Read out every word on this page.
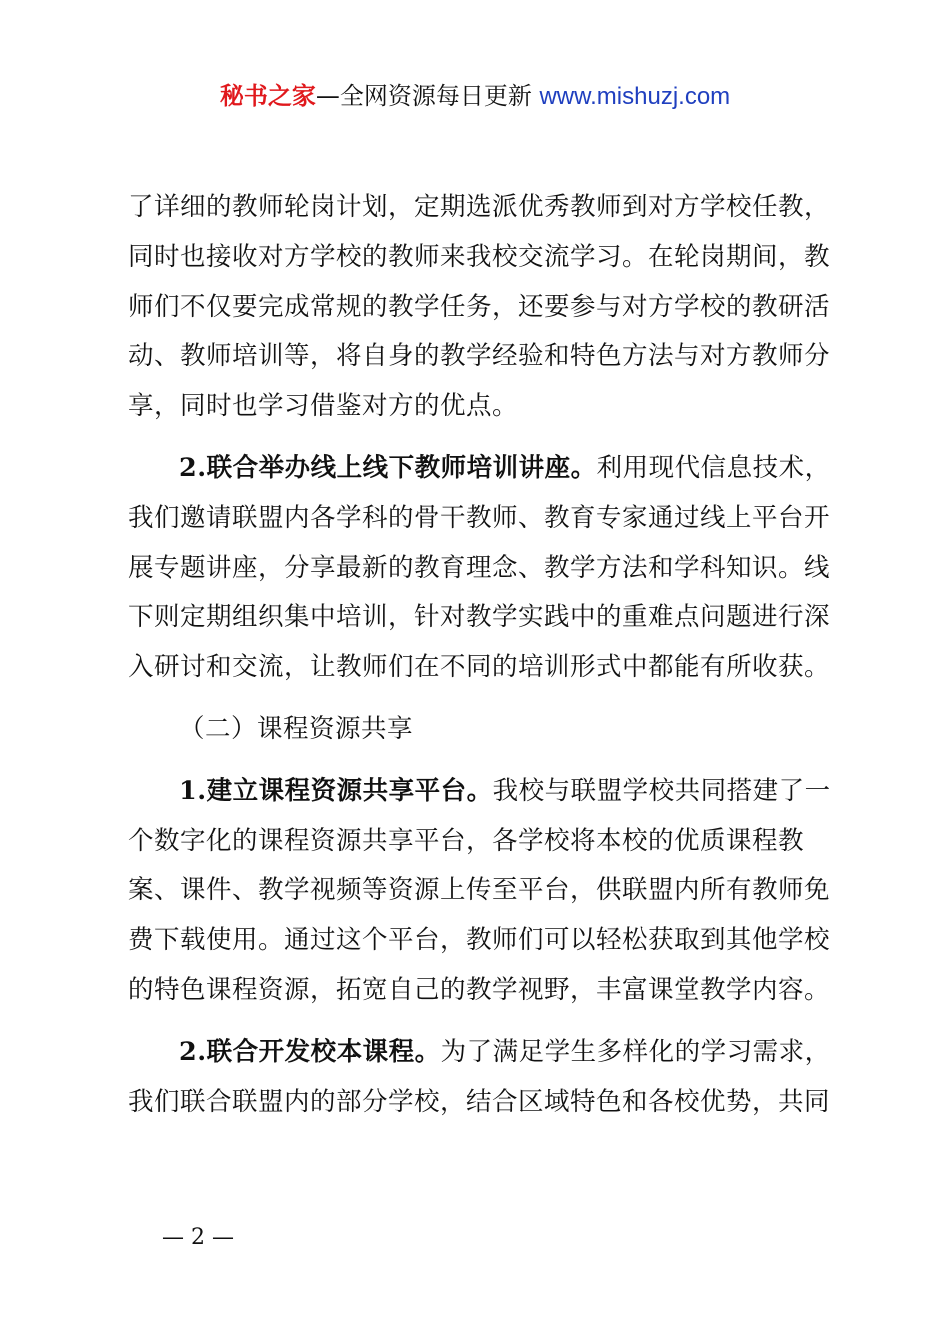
秘书之家—全网资源每日更新 www.mishuzj.com

了详细的教师轮岗计划，定期选派优秀教师到对方学校任教，同时也接收对方学校的教师来我校交流学习。在轮岗期间，教师们不仅要完成常规的教学任务，还要参与对方学校的教研活动、教师培训等，将自身的教学经验和特色方法与对方教师分享，同时也学习借鉴对方的优点。

2.联合举办线上线下教师培训讲座。利用现代信息技术，我们邀请联盟内各学科的骨干教师、教育专家通过线上平台开展专题讲座，分享最新的教育理念、教学方法和学科知识。线下则定期组织集中培训，针对教学实践中的重难点问题进行深入研讨和交流，让教师们在不同的培训形式中都能有所收获。

（二）课程资源共享

1.建立课程资源共享平台。我校与联盟学校共同搭建了一个数字化的课程资源共享平台，各学校将本校的优质课程教案、课件、教学视频等资源上传至平台，供联盟内所有教师免费下载使用。通过这个平台，教师们可以轻松获取到其他学校的特色课程资源，拓宽自己的教学视野，丰富课堂教学内容。

2.联合开发校本课程。为了满足学生多样化的学习需求，我们联合联盟内的部分学校，结合区域特色和各校优势，共同

— 2 —
